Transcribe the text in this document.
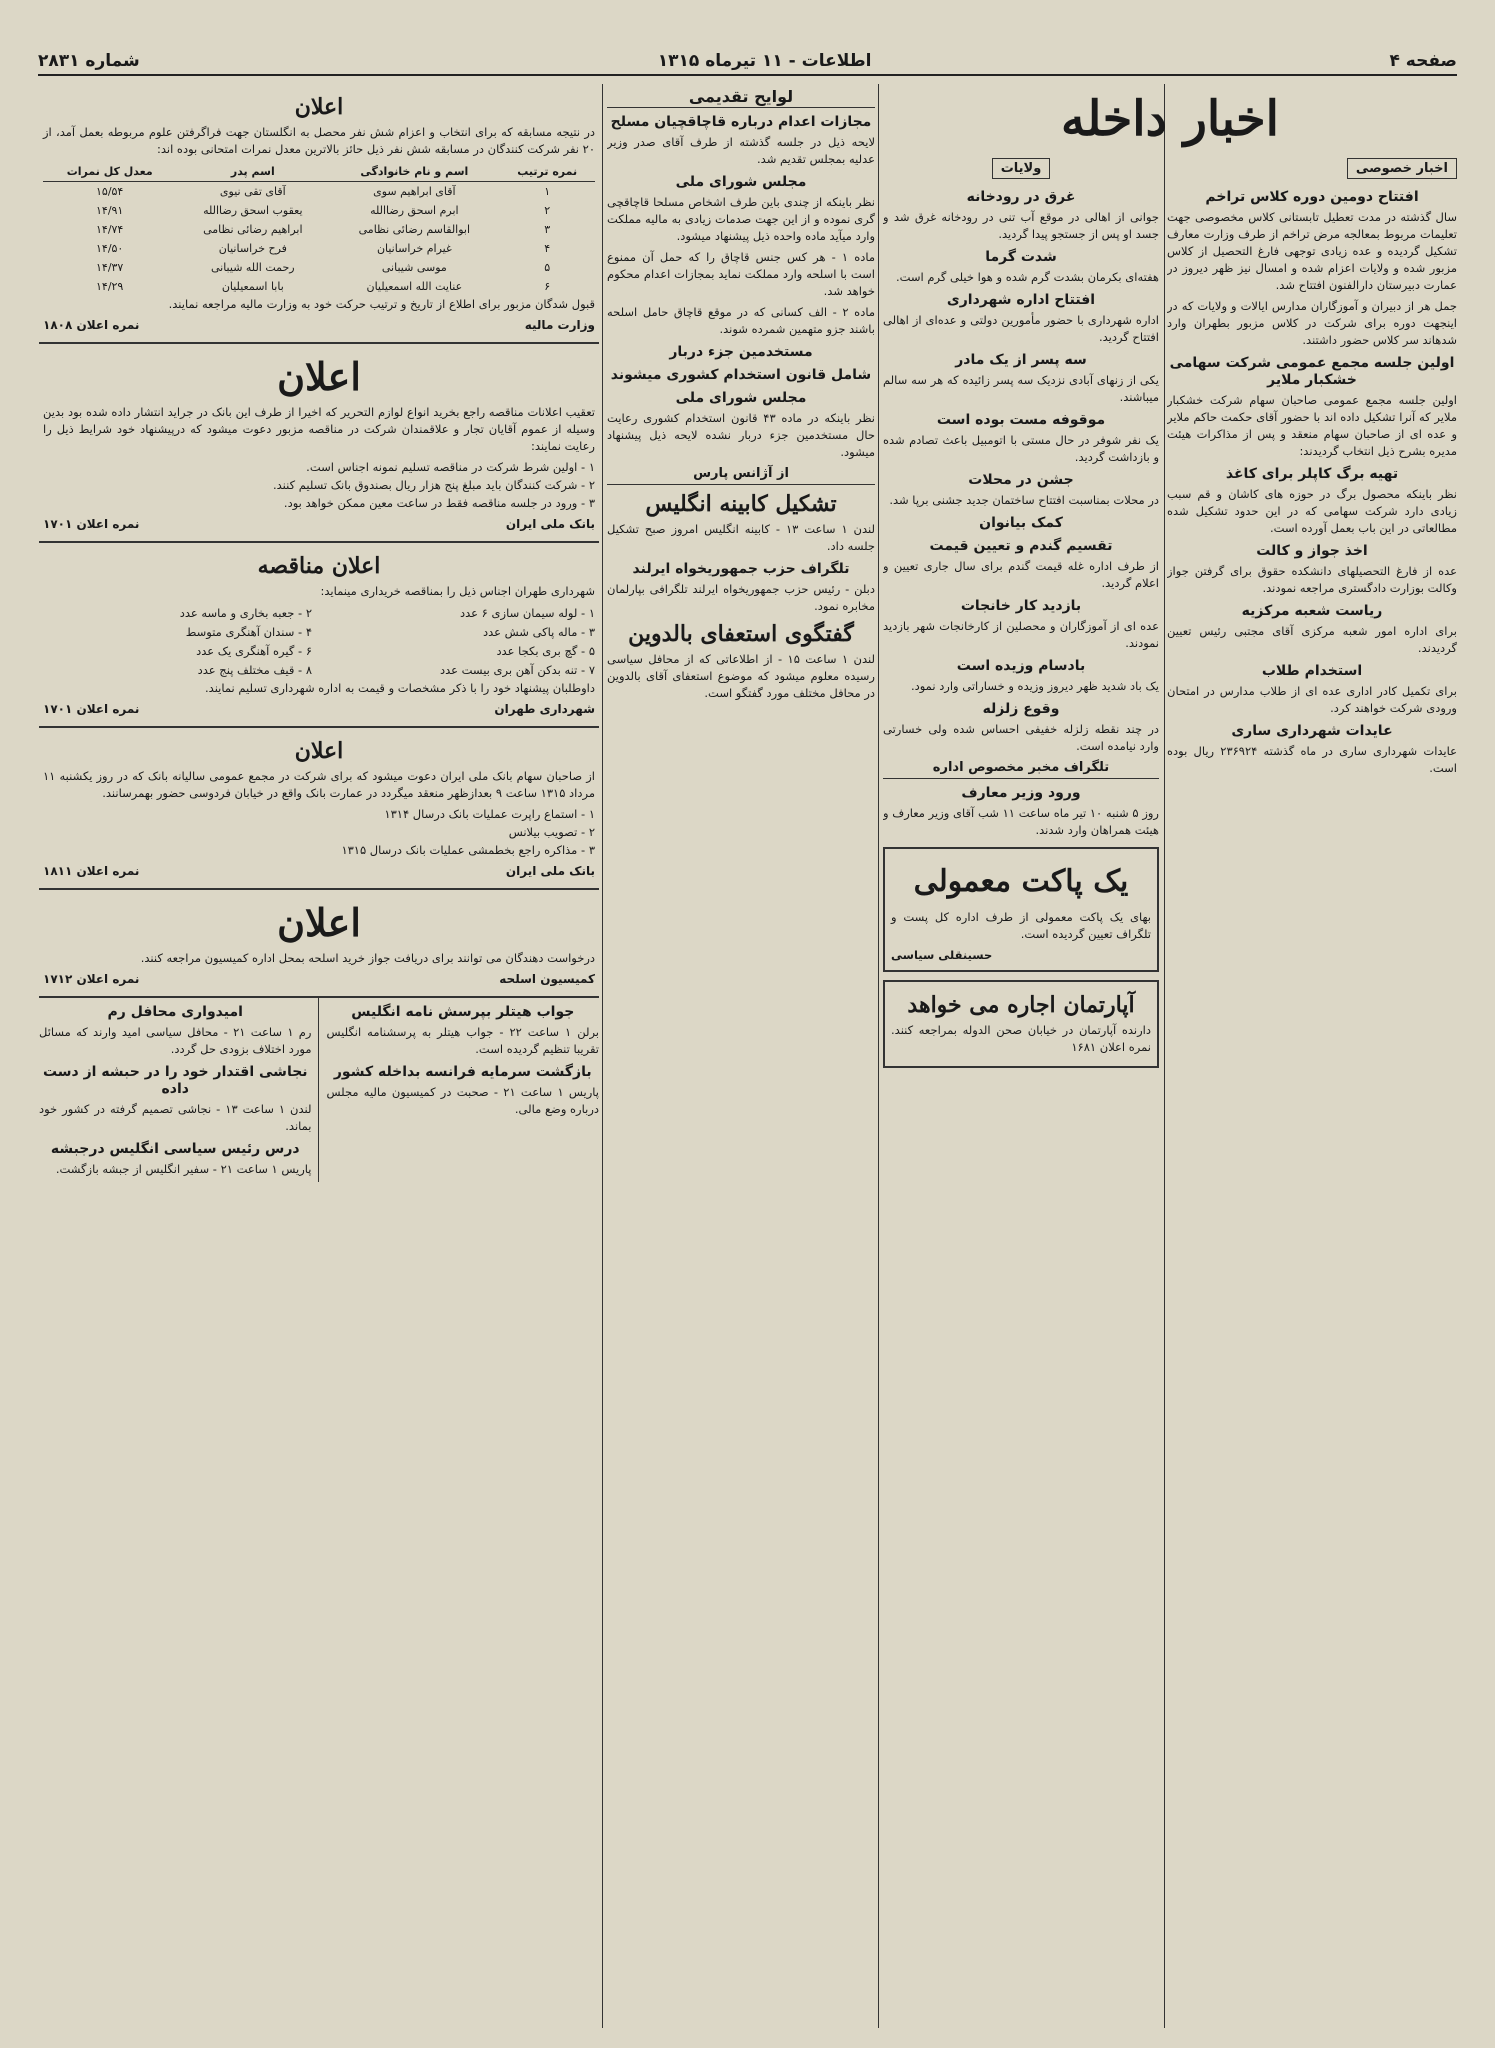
صفحه ۴
اطلاعات - ۱۱ تیرماه ۱۳۱۵
شماره ۲۸۳۱
اخبار خصوصی
افتتاح دومین دوره کلاس تراخم

سال گذشته در مدت تعطیل تابستانی کلاس مخصوصی جهت تعلیمات مربوط بمعالجه مرض تراخم از طرف وزارت معارف تشکیل گردیده و عده زیادی توجهی فارغ التحصیل از کلاس مزبور شده و ولایات اعزام شده و امسال نیز ظهر دیروز در عمارت دبیرستان دارالفنون افتتاح شد.

جمل هر از دبیران و آموزگاران مدارس ایالات و ولایات که در اینجهت دوره برای شرکت در کلاس مزبور بطهران وارد شدهاند سر کلاس حضور داشتند.

اولین جلسه مجمع عمومی شرکت سهامی خشکبار ملایر

اولین جلسه مجمع عمومی صاحبان سهام شرکت خشکبار ملایر که آنرا تشکیل داده اند با حضور آقای حکمت حاکم ملایر و عده ای از صاحبان سهام منعقد و پس از مذاکرات هیئت مدیره بشرح ذیل انتخاب گردیدند:

تهیه برگ کاپلر برای کاغذ

نظر باینکه محصول برگ در حوزه های کاشان و قم سبب زیادی دارد شرکت سهامی که در این حدود تشکیل شده مطالعاتی در این باب بعمل آورده است.

اخذ جواز و کالت

عده از فارغ التحصیلهای دانشکده حقوق برای گرفتن جواز وکالت بوزارت دادگستری مراجعه نمودند.

ریاست شعبه مرکزیه

برای اداره امور شعبه مرکزی آقای مجتبی رئیس تعیین گردیدند.

استخدام طلاب

برای تکمیل کادر اداری عده ای از طلاب مدارس در امتحان ورودی شرکت خواهند کرد.

عایدات شهرداری ساری

عایدات شهرداری ساری در ماه گذشته ۲۳۶۹۲۴ ریال بوده است.

اخبار داخله
ولایات
غرق در رودخانه

جوانی از اهالی در موقع آب تنی در رودخانه غرق شد و جسد او پس از جستجو پیدا گردید.

شدت گرما

هفته‌ای بکرمان بشدت گرم شده و هوا خیلی گرم است.

افتتاح اداره شهرداری

اداره شهرداری با حضور مأمورین دولتی و عده‌ای از اهالی افتتاح گردید.

سه پسر از یک مادر

یکی از زنهای آبادی نزدیک سه پسر زائیده که هر سه سالم میباشند.

موقوفه مست بوده است

یک نفر شوفر در حال مستی با اتومبیل باعث تصادم شده و بازداشت گردید.

جشن در محلات

در محلات بمناسبت افتتاح ساختمان جدید جشنی برپا شد.

کمک بیانوان
تقسیم گندم و تعیین قیمت

از طرف اداره غله قیمت گندم برای سال جاری تعیین و اعلام گردید.

بازدید کار خانجات

عده ای از آموزگاران و محصلین از کارخانجات شهر بازدید نمودند.

بادسام وزیده است

یک باد شدید ظهر دیروز وزیده و خساراتی وارد نمود.

وقوع زلزله

در چند نقطه زلزله خفیفی احساس شده ولی خسارتی وارد نیامده است.

تلگراف مخبر مخصوص اداره
ورود وزیر معارف

روز ۵ شنبه ۱۰ تیر ماه ساعت ۱۱ شب آقای وزیر معارف و هیئت همراهان وارد شدند.

یک پاکت معمولی

بهای یک پاکت معمولی از طرف اداره کل پست و تلگراف تعیین گردیده است.

حسینقلی سیاسی
آپارتمان اجاره می خواهد

دارنده آپارتمان در خیابان صحن الدوله بمراجعه کنند. نمره اعلان ۱۶۸۱

لوایح تقدیمی
مجازات اعدام درباره قاچاقچیان مسلح

لایحه ذیل در جلسه گذشته از طرف آقای صدر وزیر عدلیه بمجلس تقدیم شد.

مجلس شورای ملی

نظر باینکه از چندی باین طرف اشخاص مسلحا قاچاقچی گری نموده و از این جهت صدمات زیادی به مالیه مملکت وارد میآید ماده واحده ذیل پیشنهاد میشود.

ماده ۱ - هر کس جنس قاچاق را که حمل آن ممنوع است با اسلحه وارد مملکت نماید بمجازات اعدام محکوم خواهد شد.

ماده ۲ - الف کسانی که در موقع قاچاق حامل اسلحه باشند جزو متهمین شمرده شوند.

مستخدمین جزء دربار
شامل قانون استخدام کشوری میشوند
مجلس شورای ملی

نظر باینکه در ماده ۴۳ قانون استخدام کشوری رعایت حال مستخدمین جزء دربار نشده لایحه ذیل پیشنهاد میشود.

از آژانس پارس
تشکیل کابینه انگلیس

لندن ۱ ساعت ۱۳ - کابینه انگلیس امروز صبح تشکیل جلسه داد.

تلگراف حزب جمهوریخواه ایرلند

دبلن - رئیس حزب جمهوریخواه ایرلند تلگرافی بپارلمان مخابره نمود.

گفتگوی استعفای بالدوین

لندن ۱ ساعت ۱۵ - از اطلاعاتی که از محافل سیاسی رسیده معلوم میشود که موضوع استعفای آقای بالدوین در محافل مختلف مورد گفتگو است.

اعلان

در نتیجه مسابقه که برای انتخاب و اعزام شش نفر محصل به انگلستان جهت فراگرفتن علوم مربوطه بعمل آمد، از ۲۰ نفر شرکت کنندگان در مسابقه شش نفر ذیل حائز بالاترین معدل نمرات امتحانی بوده اند:

نمره ترتیب	اسم و نام خانوادگی	اسم پدر	معدل کل نمرات
۱	آقای ابراهیم سوی	آقای تقی نیوی	۱۵/۵۴
۲	ابرم اسحق رضاالله	یعقوب اسحق رضاالله	۱۴/۹۱
۳	ابوالقاسم رضائی نظامی	ابراهیم رضائی نظامی	۱۴/۷۴
۴	غیرام خراسانیان	فرح خراسانیان	۱۴/۵۰
۵	موسی شیبانی	رحمت الله شیبانی	۱۴/۳۷
۶	عنایت الله اسمعیلیان	بابا اسمعیلیان	۱۴/۲۹

قبول شدگان مزبور برای اطلاع از تاریخ و ترتیب حرکت خود به وزارت مالیه مراجعه نمایند.

وزارت مالیه
نمره اعلان ۱۸۰۸
اعلان

تعقیب اعلانات مناقصه راجع بخرید انواع لوازم التحریر که اخیرا از طرف این بانک در جراید انتشار داده شده بود بدین وسیله از عموم آقایان تجار و علاقمندان شرکت در مناقصه مزبور دعوت میشود که درپیشنهاد خود شرایط ذیل را رعایت نمایند:

۱ - اولین شرط شرکت در مناقصه تسلیم نمونه اجناس است.
۲ - شرکت کنندگان باید مبلغ پنج هزار ریال بصندوق بانک تسلیم کنند.
۳ - ورود در جلسه مناقصه فقط در ساعت معین ممکن خواهد بود.
بانک ملی ایران
نمره اعلان ۱۷۰۱
اعلان مناقصه

شهرداری طهران اجناس ذیل را بمناقصه خریداری مینماید:

۱ - لوله سیمان سازی ۶ عدد
۲ - جعبه بخاری و ماسه عدد
۳ - ماله پاکی شش عدد
۴ - سندان آهنگری متوسط
۵ - گچ بری بکجا عدد
۶ - گیره آهنگری یک عدد
۷ - تنه بدکن آهن بری بیست عدد
۸ - قیف مختلف پنج عدد

داوطلبان پیشنهاد خود را با ذکر مشخصات و قیمت به اداره شهرداری تسلیم نمایند.

شهرداری طهران
نمره اعلان ۱۷۰۱
اعلان

از صاحبان سهام بانک ملی ایران دعوت میشود که برای شرکت در مجمع عمومی سالیانه بانک که در روز یکشنبه ۱۱ مرداد ۱۳۱۵ ساعت ۹ بعدازظهر منعقد میگردد در عمارت بانک واقع در خیابان فردوسی حضور بهمرسانند.

۱ - استماع راپرت عملیات بانک درسال ۱۳۱۴
۲ - تصویب بیلانس
۳ - مذاکره راجع بخطمشی عملیات بانک درسال ۱۳۱۵
بانک ملی ایران
نمره اعلان ۱۸۱۱
اعلان

درخواست دهندگان می توانند برای دریافت جواز خرید اسلحه بمحل اداره کمیسیون مراجعه کنند.

کمیسیون اسلحه
نمره اعلان ۱۷۱۲
جواب هیتلر بپرسش نامه انگلیس

برلن ۱ ساعت ۲۲ - جواب هیتلر به پرسشنامه انگلیس تقریبا تنظیم گردیده است.

بازگشت سرمایه فرانسه بداخله کشور

پاریس ۱ ساعت ۲۱ - صحبت در کمیسیون مالیه مجلس درباره وضع مالی.

امیدواری محافل رم

رم ۱ ساعت ۲۱ - محافل سیاسی امید وارند که مسائل مورد اختلاف بزودی حل گردد.

نجاشی اقتدار خود را در حبشه از دست داده

لندن ۱ ساعت ۱۳ - نجاشی تصمیم گرفته در کشور خود بماند.

درس رئیس سیاسی انگلیس درجبشه

پاریس ۱ ساعت ۲۱ - سفیر انگلیس از جبشه بازگشت.
